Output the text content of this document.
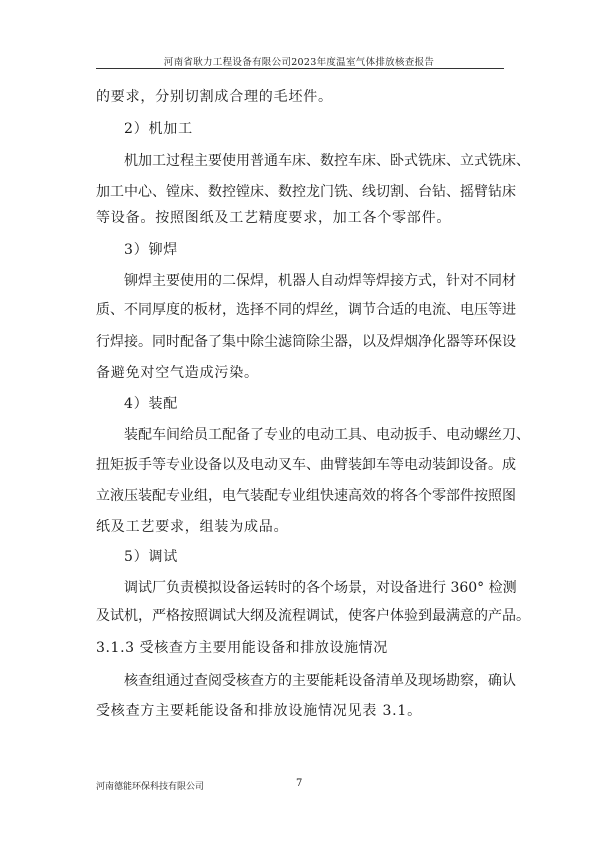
河南省耿力工程设备有限公司2023年度温室气体排放核查报告
的要求，分别切割成合理的毛坯件。
2）机加工
机加工过程主要使用普通车床、数控车床、卧式铣床、立式铣床、
加工中心、镗床、数控镗床、数控龙门铣、线切割、台钻、摇臂钻床
等设备。按照图纸及工艺精度要求，加工各个零部件。
3）铆焊
铆焊主要使用的二保焊，机器人自动焊等焊接方式，针对不同材
质、不同厚度的板材，选择不同的焊丝，调节合适的电流、电压等进
行焊接。同时配备了集中除尘滤筒除尘器，以及焊烟净化器等环保设
备避免对空气造成污染。
4）装配
装配车间给员工配备了专业的电动工具、电动扳手、电动螺丝刀、
扭矩扳手等专业设备以及电动叉车、曲臂装卸车等电动装卸设备。成
立液压装配专业组，电气装配专业组快速高效的将各个零部件按照图
纸及工艺要求，组装为成品。
5）调试
调试厂负责模拟设备运转时的各个场景，对设备进行 360° 检测
及试机，严格按照调试大纲及流程调试，使客户体验到最满意的产品。
3.1.3 受核查方主要用能设备和排放设施情况
核查组通过查阅受核查方的主要能耗设备清单及现场勘察，确认
受核查方主要耗能设备和排放设施情况见表 3.1。
河南德能环保科技有限公司	7
